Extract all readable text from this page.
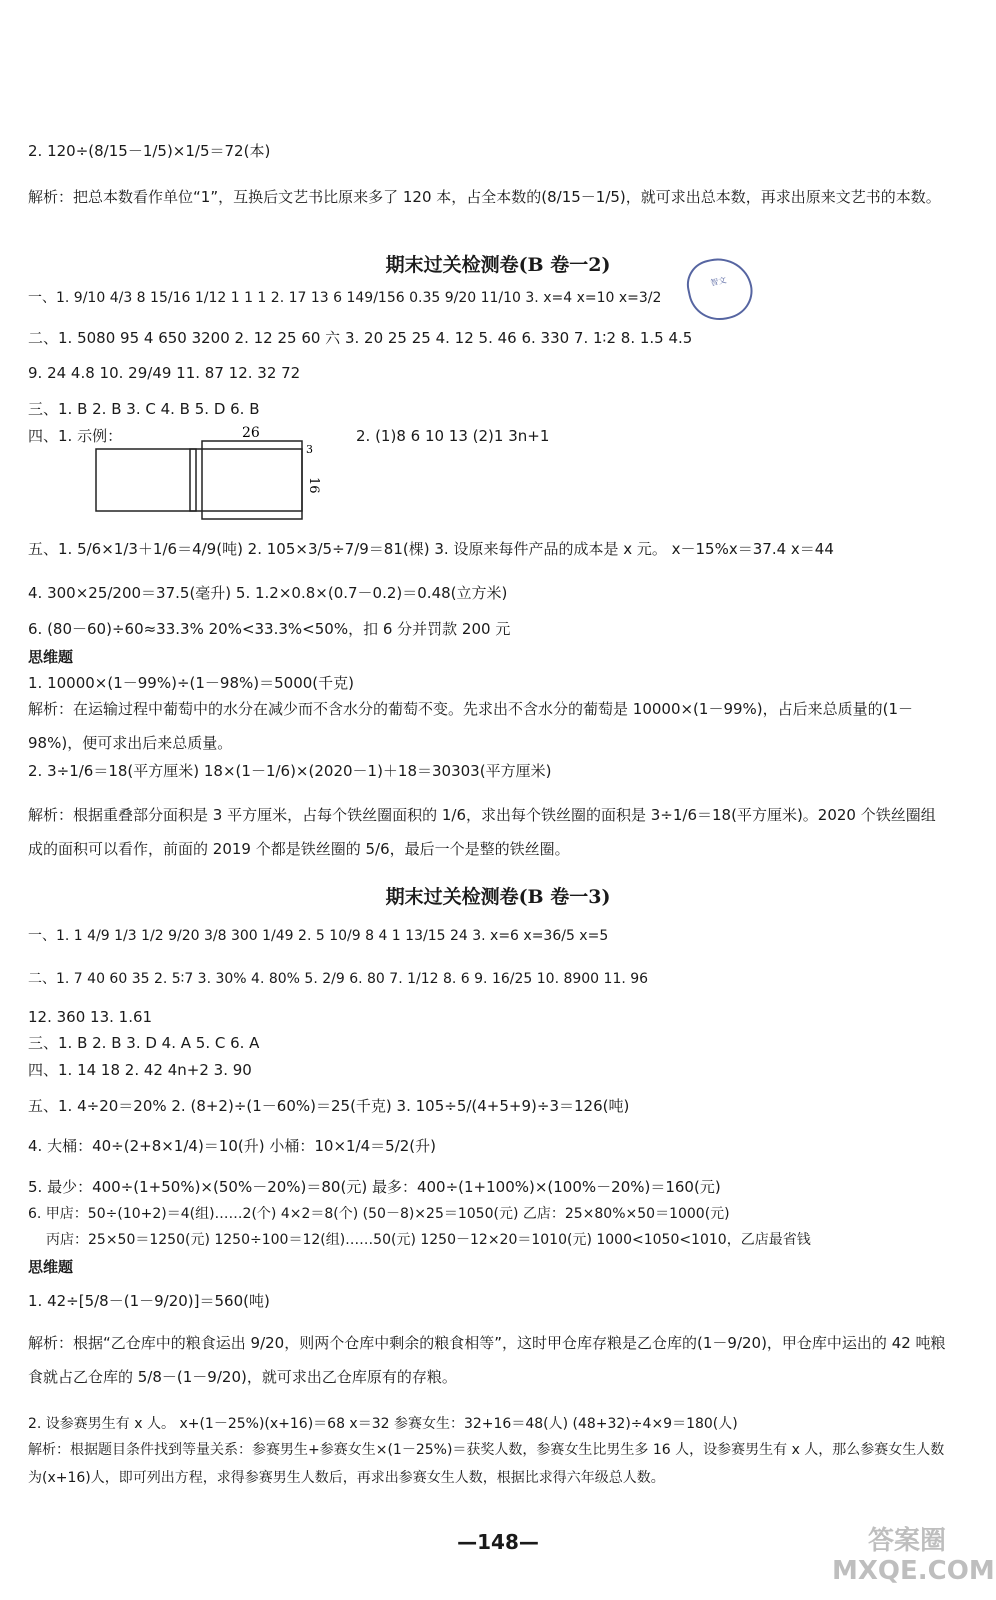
2. 120÷(8/15－1/5)×1/5＝72(本)
解析：把总本数看作单位“1”，互换后文艺书比原来多了 120 本，占全本数的(8/15－1/5)，就可求出总本数，再求出原来文艺书的本数。
期末过关检测卷(B 卷一2)
一、1. 9/10 4/3 8 15/16 1/12 1 1 1 2. 17 13 6 149/156 0.35 9/20 11/10 3. x=4 x=10 x=3/2
二、1. 5080 95 4 650 3200 2. 12 25 60 六 3. 20 25 25 4. 12 5. 46 6. 330 7. 1∶2 8. 1.5 4.5
9. 24 4.8 10. 29/49 11. 87 12. 32 72
三、1. B 2. B 3. C 4. B 5. D 6. B
四、1. 示例：	2. (1)8 6 10 13 (2)1 3n+1
26
3
16
五、1. 5/6×1/3＋1/6＝4/9(吨) 2. 105×3/5÷7/9＝81(棵) 3. 设原来每件产品的成本是 x 元。 x－15%x＝37.4 x＝44
4. 300×25/200＝37.5(毫升) 5. 1.2×0.8×(0.7－0.2)＝0.48(立方米)
6. (80－60)÷60≈33.3% 20%<33.3%<50%，扣 6 分并罚款 200 元
思维题
1. 10000×(1－99%)÷(1－98%)＝5000(千克)
解析：在运输过程中葡萄中的水分在减少而不含水分的葡萄不变。先求出不含水分的葡萄是 10000×(1－99%)，占后来总质量的(1－98%)，便可求出后来总质量。
2. 3÷1/6＝18(平方厘米) 18×(1－1/6)×(2020－1)＋18＝30303(平方厘米)
解析：根据重叠部分面积是 3 平方厘米，占每个铁丝圈面积的 1/6，求出每个铁丝圈的面积是 3÷1/6＝18(平方厘米)。2020 个铁丝圈组成的面积可以看作，前面的 2019 个都是铁丝圈的 5/6，最后一个是整的铁丝圈。
期末过关检测卷(B 卷一3)
一、1. 1 4/9 1/3 1/2 9/20 3/8 300 1/49 2. 5 10/9 8 4 1 13/15 24 3. x=6 x=36/5 x=5
二、1. 7 40 60 35 2. 5∶7 3. 30% 4. 80% 5. 2/9 6. 80 7. 1/12 8. 6 9. 16/25 10. 8900 11. 96
12. 360 13. 1.61
三、1. B 2. B 3. D 4. A 5. C 6. A
四、1. 14 18 2. 42 4n+2 3. 90
五、1. 4÷20＝20% 2. (8+2)÷(1－60%)＝25(千克) 3. 105÷5/(4+5+9)÷3＝126(吨)
4. 大桶：40÷(2+8×1/4)＝10(升) 小桶：10×1/4＝5/2(升)
5. 最少：400÷(1+50%)×(50%－20%)＝80(元) 最多：400÷(1+100%)×(100%－20%)＝160(元)
6. 甲店：50÷(10+2)＝4(组)……2(个) 4×2＝8(个) (50－8)×25＝1050(元) 乙店：25×80%×50＝1000(元)
丙店：25×50＝1250(元) 1250÷100＝12(组)……50(元) 1250－12×20＝1010(元) 1000<1050<1010，乙店最省钱
思维题
1. 42÷[5/8－(1－9/20)]＝560(吨)
解析：根据“乙仓库中的粮食运出 9/20，则两个仓库中剩余的粮食相等”，这时甲仓库存粮是乙仓库的(1－9/20)，甲仓库中运出的 42 吨粮食就占乙仓库的 5/8－(1－9/20)，就可求出乙仓库原有的存粮。
2. 设参赛男生有 x 人。 x+(1－25%)(x+16)＝68 x＝32 参赛女生：32+16＝48(人) (48+32)÷4×9＝180(人)
解析：根据题目条件找到等量关系：参赛男生+参赛女生×(1－25%)＝获奖人数，参赛女生比男生多 16 人，设参赛男生有 x 人，那么参赛女生人数为(x+16)人，即可列出方程，求得参赛男生人数后，再求出参赛女生人数，根据比求得六年级总人数。
智文
—148—	答案圈 MXQE.COM
